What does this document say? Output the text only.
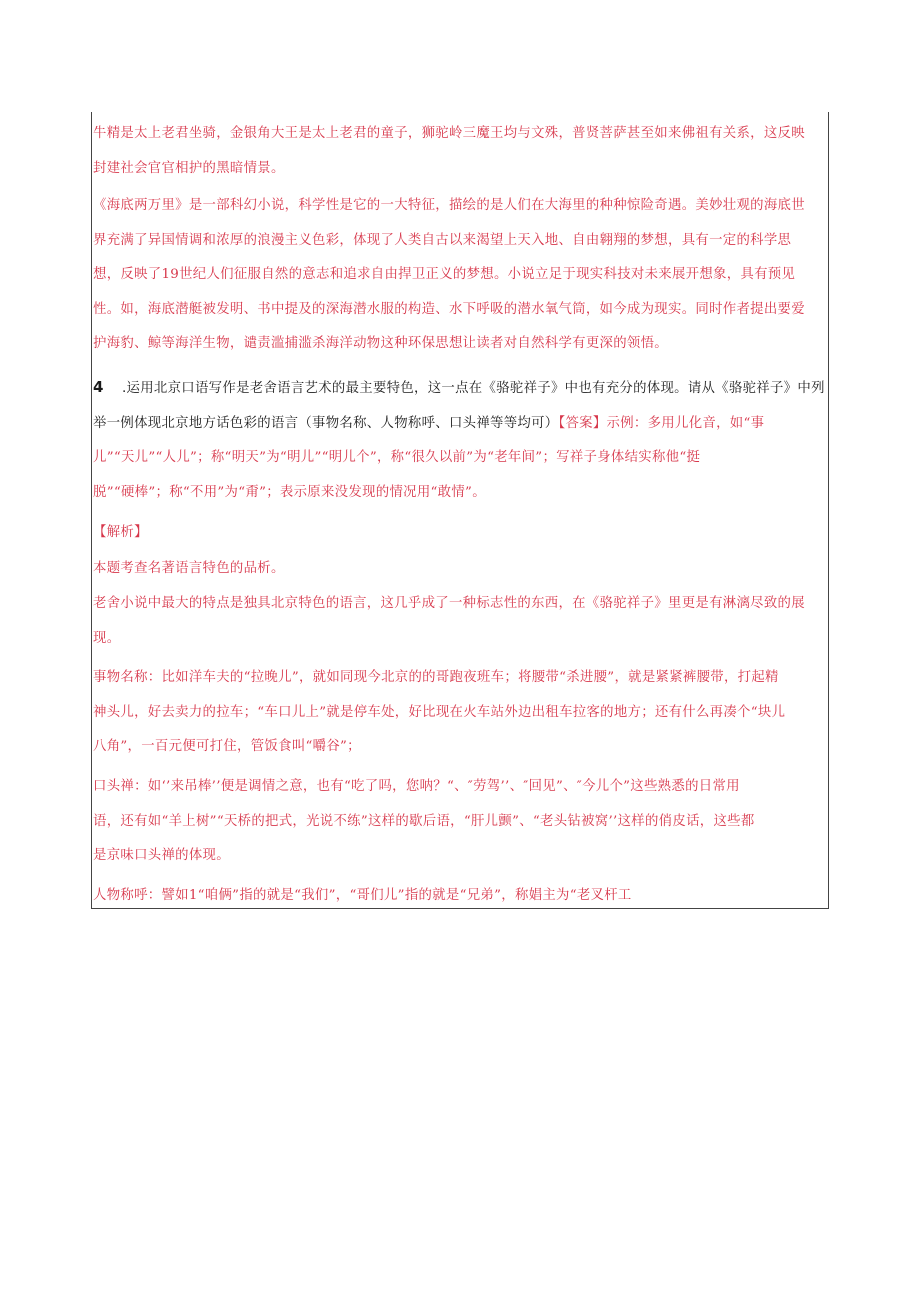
牛精是太上老君坐骑，金银角大王是太上老君的童子，狮驼岭三魔王均与文殊，普贤菩萨甚至如来佛祖有关系，这反映
封建社会官官相护的黑暗情景。
《海底两万里》是一部科幻小说，科学性是它的一大特征，描绘的是人们在大海里的种种惊险奇遇。美妙壮观的海底世
界充满了异国情调和浓厚的浪漫主义色彩，体现了人类自古以来渴望上天入地、自由翱翔的梦想，具有一定的科学思
想，反映了19世纪人们征服自然的意志和追求自由捍卫正义的梦想。小说立足于现实科技对未来展开想象，具有预见
性。如，海底潜艇被发明、书中提及的深海潜水服的构造、水下呼吸的潜水氧气筒，如今成为现实。同时作者提出要爱
护海豹、鲸等海洋生物，谴责滥捕滥杀海洋动物这种环保思想让读者对自然科学有更深的领悟。
4 .运用北京口语写作是老舍语言艺术的最主要特色，这一点在《骆驼祥子》中也有充分的体现。请从《骆驼祥子》中列
举一例体现北京地方话色彩的语言（事物名称、人物称呼、口头禅等等均可）【答案】示例：多用儿化音，如“事
儿”“天儿”“人儿”；称“明天”为“明儿”“明儿个”，称“很久以前”为“老年间”；写祥子身体结实称他“挺
脱”“硬棒”；称“不用”为“甭”；表示原来没发现的情况用“敢情”。
【解析】
本题考查名著语言特色的品析。
老舍小说中最大的特点是独具北京特色的语言，这几乎成了一种标志性的东西，在《骆驼祥子》里更是有淋漓尽致的展
现。
事物名称：比如洋车夫的“拉晚儿”，就如同现今北京的的哥跑夜班车；将腰带“杀进腰”，就是紧紧裤腰带，打起精
神头儿，好去卖力的拉车；“车口儿上”就是停车处，好比现在火车站外边出租车拉客的地方；还有什么再凑个“块儿
八角”，一百元便可打住，管饭食叫“嚼谷”；
口头禅：如‘’来吊棒’’便是调情之意，也有“吃了吗，您呐？“、″劳驾’’、″回见”、″今儿个”这些熟悉的日常用
语，还有如“羊上树”“天桥的把式，光说不练”这样的歇后语，“肝儿颤”、“老头钻被窝’’这样的俏皮话，这些都
是京味口头禅的体现。
人物称呼：譬如1“咱俩”指的就是“我们”，“哥们儿”指的就是“兄弟”，称娼主为“老叉杆工
